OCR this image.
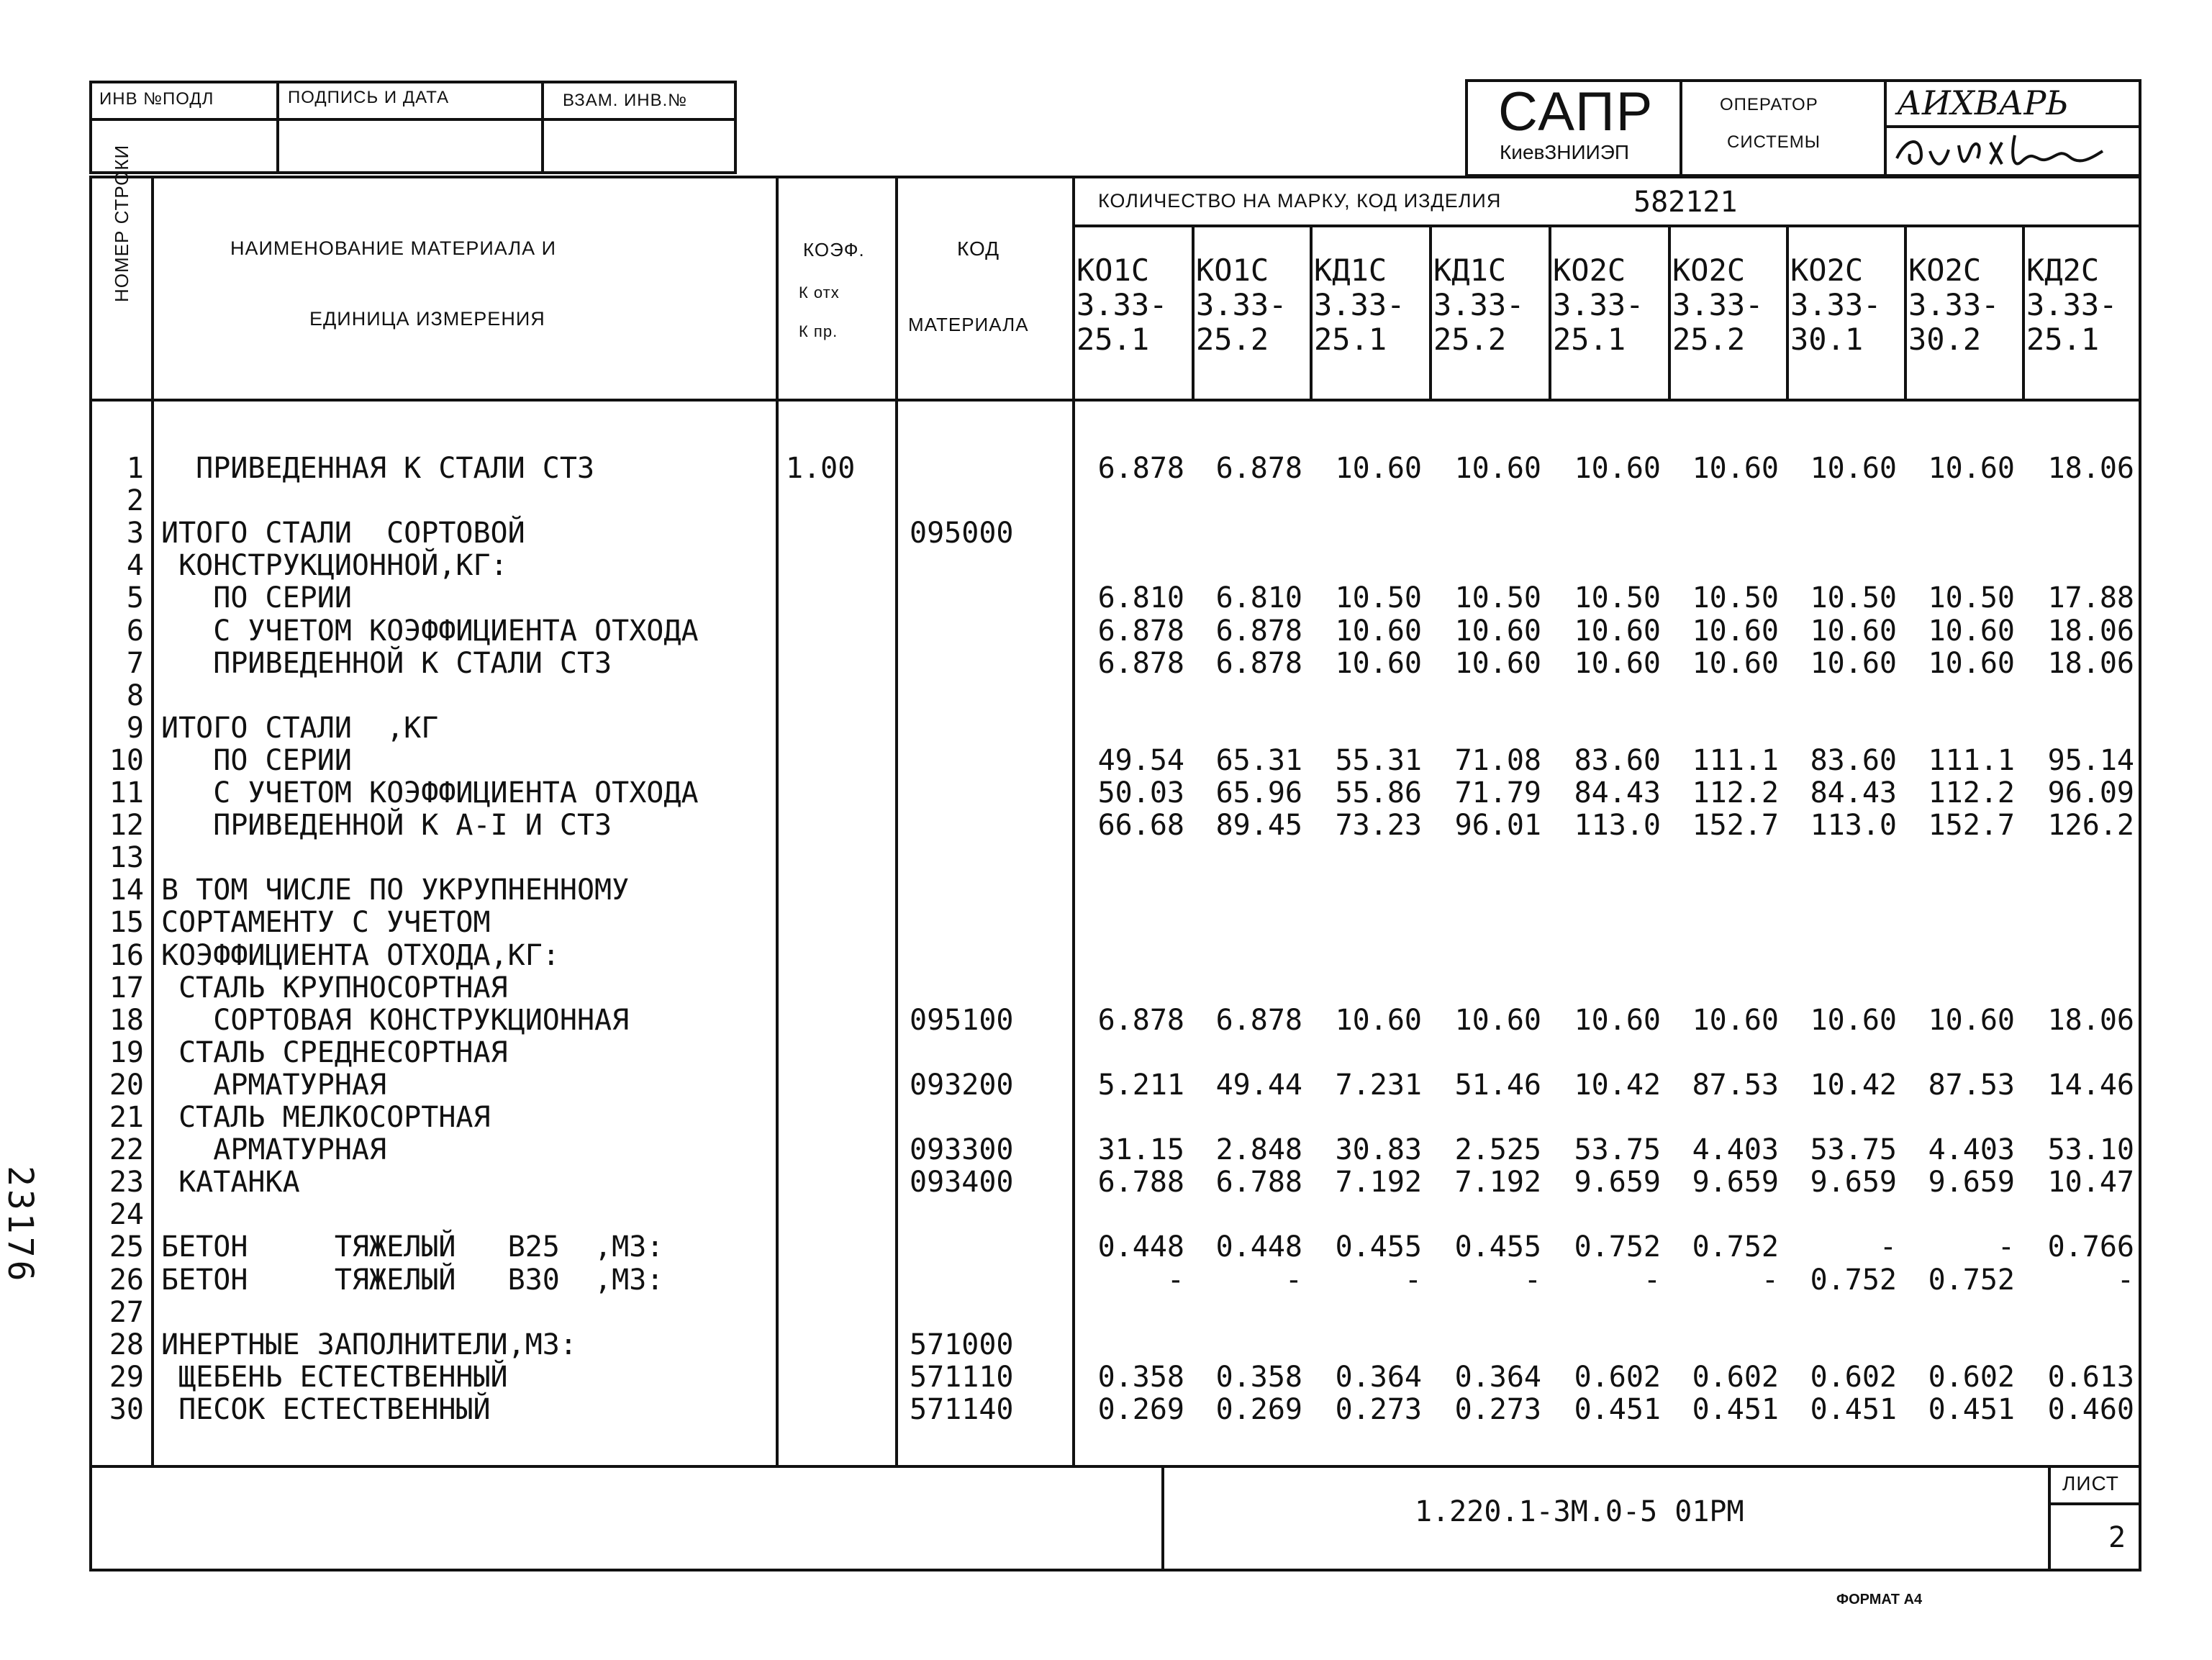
ИНВ №ПОДЛ	ПОДПИСЬ И ДАТА	ВЗАМ. ИНВ.№	САПР
КиевЗНИИЭП
ОПЕРАТОР
СИСТЕМЫ
АИХВАРЬ
НОМЕР СТРОКИ	НАИМЕНОВАНИЕ МАТЕРИАЛА И
ЕДИНИЦА ИЗМЕРЕНИЯ
КОЭФ.
К отх
К пр.
КОД
МАТЕРИАЛА
КОЛИЧЕСТВО НА МАРКУ, КОД ИЗДЕЛИЯ	582121
КО1С
3.33-
25.1
КО1С
3.33-
25.2
КД1С
3.33-
25.1
КД1С
3.33-
25.2
КО2С
3.33-
25.1
КО2С
3.33-
25.2
КО2С
3.33-
30.1
КО2С
3.33-
30.2
КД2С
3.33-
25.1
1 ПРИВЕДЕННАЯ К СТАЛИ СТ3	1.00	6.878	6.878	10.60	10.60	10.60	10.60	10.60	10.60	18.06
2
3 ИТОГО СТАЛИ  СОРТОВОЙ	095000
4 КОНСТРУКЦИОННОЙ,КГ:
5 ПО СЕРИИ	6.810	6.810	10.50	10.50	10.50	10.50	10.50	10.50	17.88
6 С УЧЕТОМ КОЭФФИЦИЕНТА ОТХОДА	6.878	6.878	10.60	10.60	10.60	10.60	10.60	10.60	18.06
7 ПРИВЕДЕННОЙ К СТАЛИ СТ3	6.878	6.878	10.60	10.60	10.60	10.60	10.60	10.60	18.06
8
9 ИТОГО СТАЛИ  ,КГ
10 ПО СЕРИИ	49.54	65.31	55.31	71.08	83.60	111.1	83.60	111.1	95.14
11 С УЧЕТОМ КОЭФФИЦИЕНТА ОТХОДА	50.03	65.96	55.86	71.79	84.43	112.2	84.43	112.2	96.09
12 ПРИВЕДЕННОЙ К А-I И СТ3	66.68	89.45	73.23	96.01	113.0	152.7	113.0	152.7	126.2
13
14 В ТОМ ЧИСЛЕ ПО УКРУПНЕННОМУ
15 СОРТАМЕНТУ С УЧЕТОМ
16 КОЭФФИЦИЕНТА ОТХОДА,КГ:
17 СТАЛЬ КРУПНОСОРТНАЯ
18 СОРТОВАЯ КОНСТРУКЦИОННАЯ	095100	6.878	6.878	10.60	10.60	10.60	10.60	10.60	10.60	18.06
19 СТАЛЬ СРЕДНЕСОРТНАЯ
20 АРМАТУРНАЯ	093200	5.211	49.44	7.231	51.46	10.42	87.53	10.42	87.53	14.46
21 СТАЛЬ МЕЛКОСОРТНАЯ
22 АРМАТУРНАЯ	093300	31.15	2.848	30.83	2.525	53.75	4.403	53.75	4.403	53.10
23 КАТАНКА	093400	6.788	6.788	7.192	7.192	9.659	9.659	9.659	9.659	10.47
24
25 БЕТОН     ТЯЖЕЛЫЙ   В25  ,М3:	0.448	0.448	0.455	0.455	0.752	0.752	-	-	0.766
26 БЕТОН     ТЯЖЕЛЫЙ   В30  ,М3:	-	-	-	-	-	-	0.752	0.752	-
27
28 ИНЕРТНЫЕ ЗАПОЛНИТЕЛИ,М3:	571000
29 ЩЕБЕНЬ ЕСТЕСТВЕННЫЙ	571110	0.358	0.358	0.364	0.364	0.602	0.602	0.602	0.602	0.613
30 ПЕСОК ЕСТЕСТВЕННЫЙ	571140	0.269	0.269	0.273	0.273	0.451	0.451	0.451	0.451	0.460
1.220.1-3М.0-5 01РМ
ЛИСТ
2
ФОРМАТ А4
23176
